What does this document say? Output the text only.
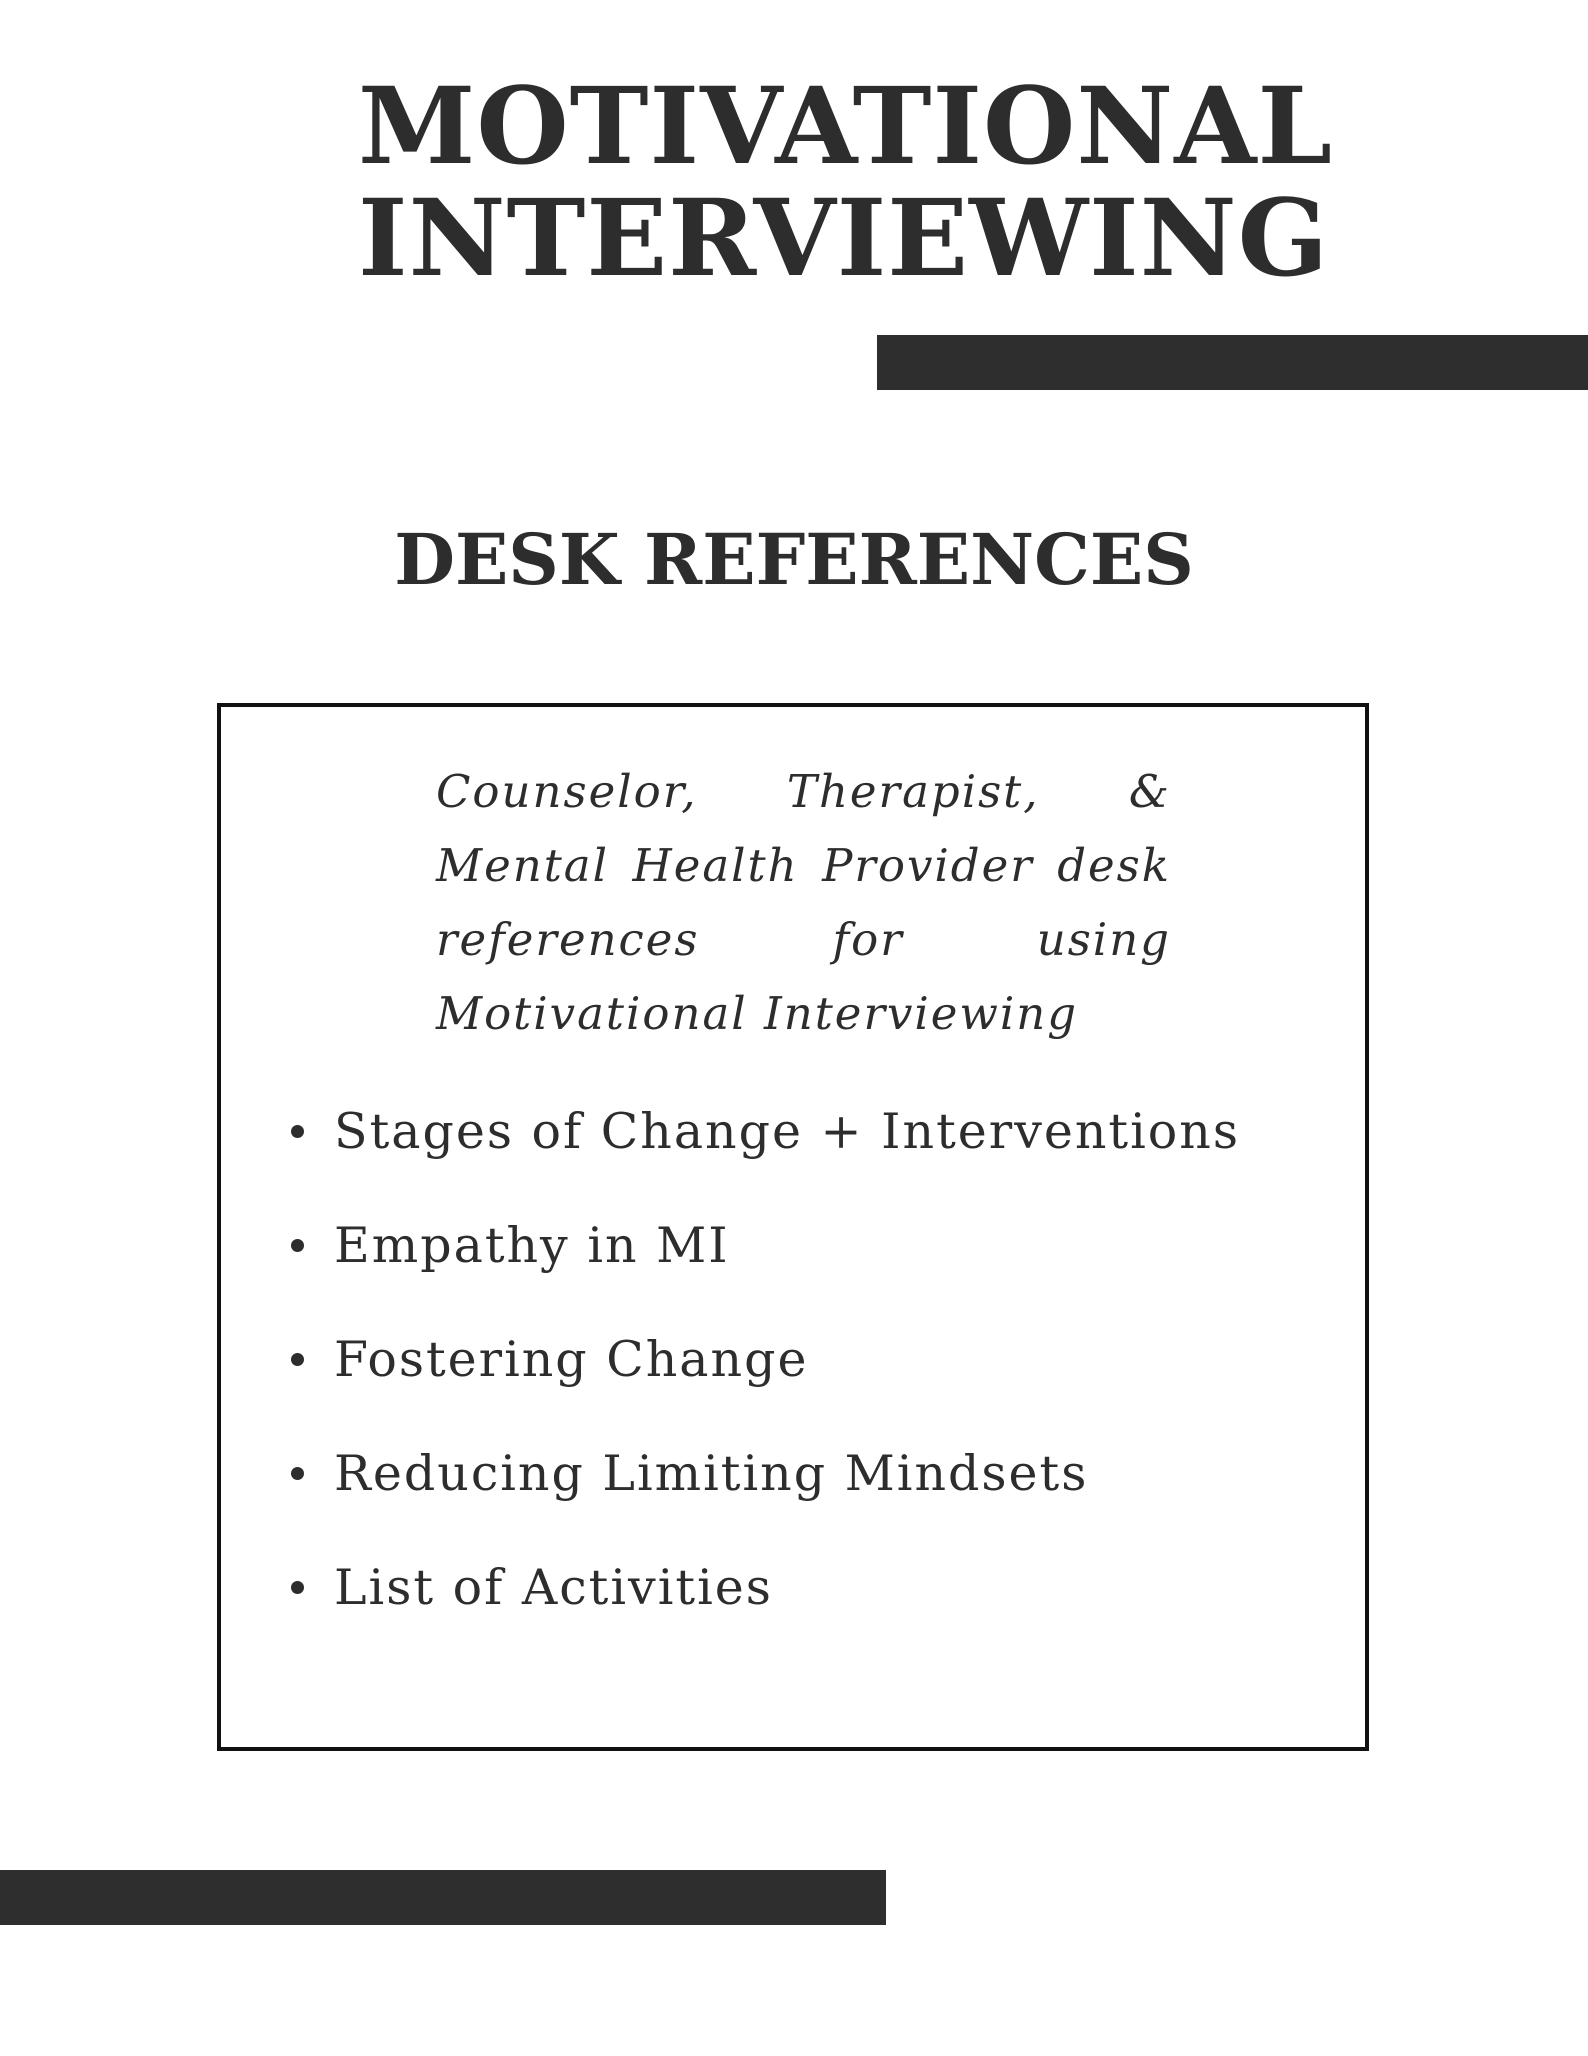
MOTIVATIONAL
INTERVIEWING
DESK REFERENCES
Counselor, Therapist, & Mental Health Provider desk references for using Motivational Interviewing
Stages of Change + Interventions
Empathy in MI
Fostering Change
Reducing Limiting Mindsets
List of Activities
